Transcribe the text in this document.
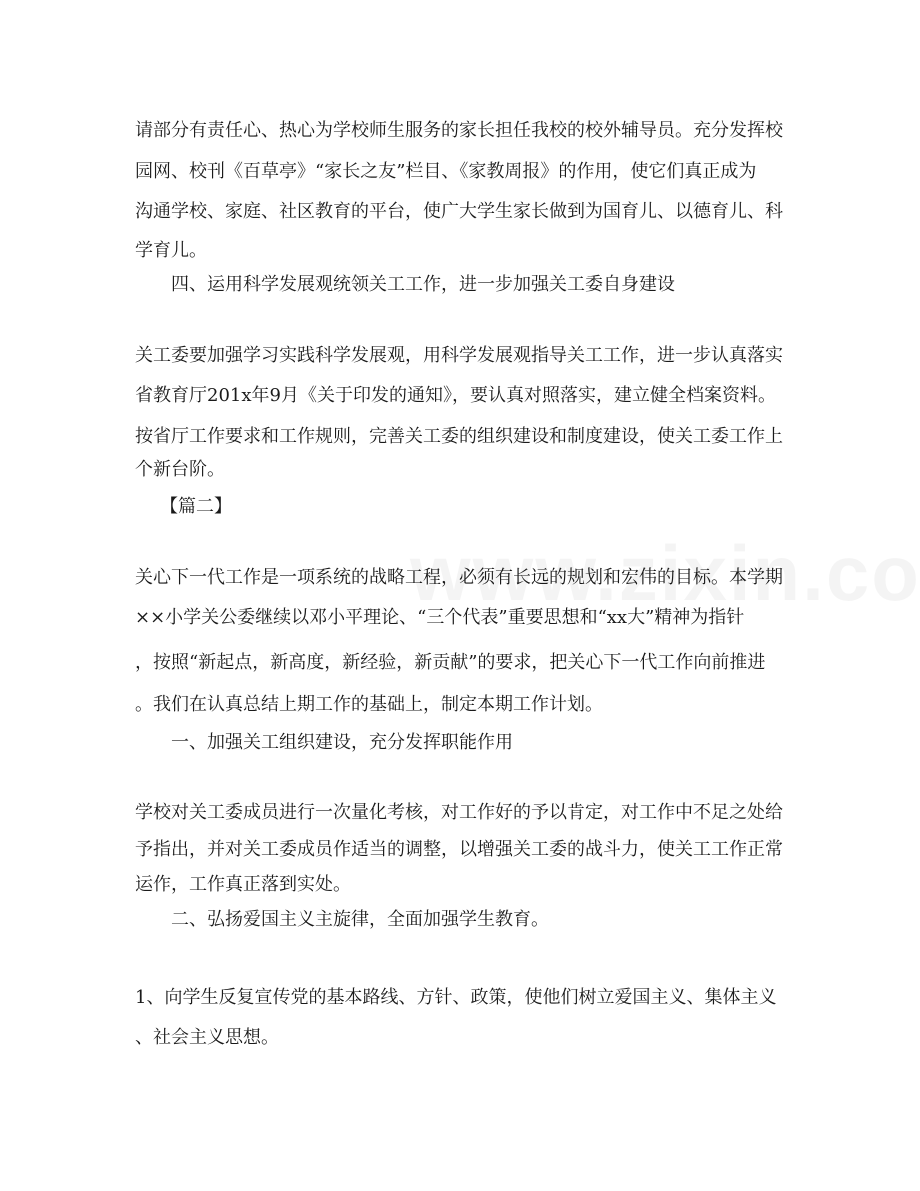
请部分有责任心、热心为学校师生服务的家长担任我校的校外辅导员。充分发挥校
园网、校刊《百草亭》“家长之友”栏目、《家教周报》的作用，使它们真正成为
沟通学校、家庭、社区教育的平台，使广大学生家长做到为国育儿、以德育儿、科
学育儿。
四、运用科学发展观统领关工工作，进一步加强关工委自身建设
关工委要加强学习实践科学发展观，用科学发展观指导关工工作，进一步认真落实
省教育厅201x年9月《关于印发的通知》，要认真对照落实，建立健全档案资料。
按省厅工作要求和工作规则，完善关工委的组织建设和制度建设，使关工委工作上
个新台阶。
【篇二】
关心下一代工作是一项系统的战略工程，必须有长远的规划和宏伟的目标。本学期
××小学关公委继续以邓小平理论、“三个代表”重要思想和“xx大”精神为指针
，按照“新起点，新高度，新经验，新贡献”的要求，把关心下一代工作向前推进
。我们在认真总结上期工作的基础上，制定本期工作计划。
一、加强关工组织建设，充分发挥职能作用
学校对关工委成员进行一次量化考核，对工作好的予以肯定，对工作中不足之处给
予指出，并对关工委成员作适当的调整，以增强关工委的战斗力，使关工工作正常
运作，工作真正落到实处。
二、弘扬爱国主义主旋律，全面加强学生教育。
1、向学生反复宣传党的基本路线、方针、政策，使他们树立爱国主义、集体主义
、社会主义思想。
